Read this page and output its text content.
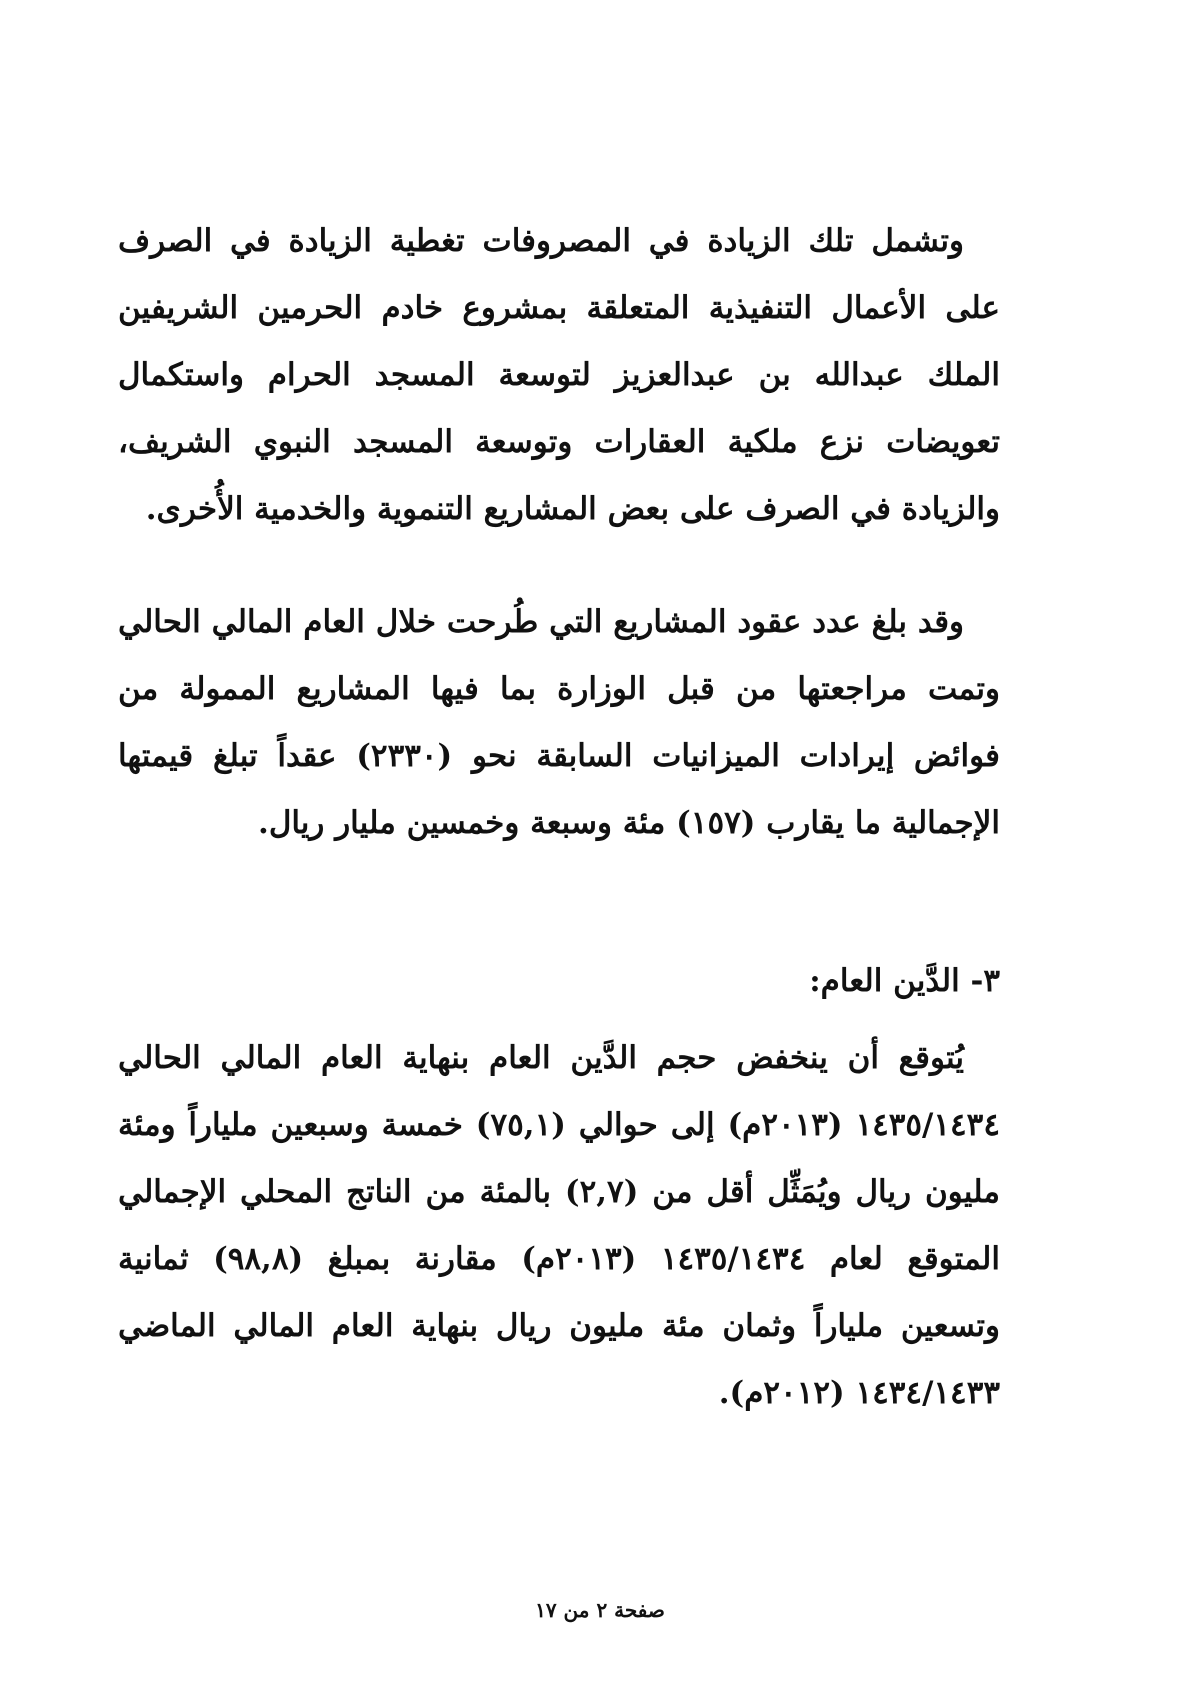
وتشمل تلك الزيادة في المصروفات تغطية الزيادة في الصرف على الأعمال التنفيذية المتعلقة بمشروع خادم الحرمين الشريفين الملك عبدالله بن عبدالعزيز لتوسعة المسجد الحرام واستكمال تعويضات نزع ملكية العقارات وتوسعة المسجد النبوي الشريف، والزيادة في الصرف على بعض المشاريع التنموية والخدمية الأُخرى.

وقد بلغ عدد عقود المشاريع التي طُرحت خلال العام المالي الحالي وتمت مراجعتها من قبل الوزارة بما فيها المشاريع الممولة من فوائض إيرادات الميزانيات السابقة نحو (٢٣٣٠) عقداً تبلغ قيمتها الإجمالية ما يقارب (١٥٧) مئة وسبعة وخمسين مليار ريال.

٣- الدَّين العام:

يُتوقع أن ينخفض حجم الدَّين العام بنهاية العام المالي الحالي ١٤٣٥/١٤٣٤ (٢٠١٣م) إلى حوالي (٧٥,١) خمسة وسبعين ملياراً ومئة مليون ريال ويُمَثِّل أقل من (٢,٧) بالمئة من الناتج المحلي الإجمالي المتوقع لعام ١٤٣٥/١٤٣٤ (٢٠١٣م) مقارنة بمبلغ (٩٨,٨) ثمانية وتسعين ملياراً وثمان مئة مليون ريال بنهاية العام المالي الماضي ١٤٣٤/١٤٣٣ (٢٠١٢م).

صفحة ٢ من ١٧
